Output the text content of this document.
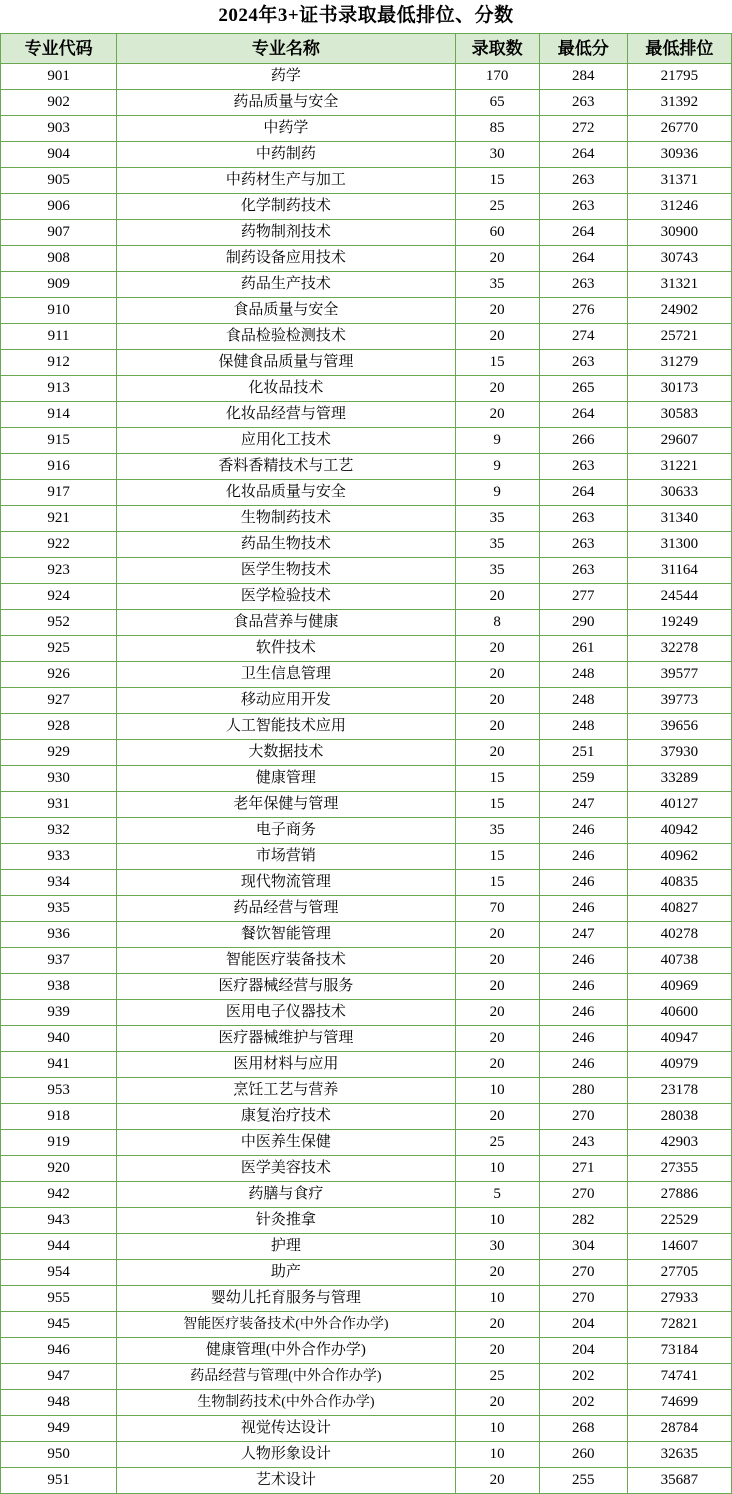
2024年3+证书录取最低排位、分数
专业代码	专业名称	录取数	最低分	最低排位
901	药学	170	284	21795
902	药品质量与安全	65	263	31392
903	中药学	85	272	26770
904	中药制药	30	264	30936
905	中药材生产与加工	15	263	31371
906	化学制药技术	25	263	31246
907	药物制剂技术	60	264	30900
908	制药设备应用技术	20	264	30743
909	药品生产技术	35	263	31321
910	食品质量与安全	20	276	24902
911	食品检验检测技术	20	274	25721
912	保健食品质量与管理	15	263	31279
913	化妆品技术	20	265	30173
914	化妆品经营与管理	20	264	30583
915	应用化工技术	9	266	29607
916	香料香精技术与工艺	9	263	31221
917	化妆品质量与安全	9	264	30633
921	生物制药技术	35	263	31340
922	药品生物技术	35	263	31300
923	医学生物技术	35	263	31164
924	医学检验技术	20	277	24544
952	食品营养与健康	8	290	19249
925	软件技术	20	261	32278
926	卫生信息管理	20	248	39577
927	移动应用开发	20	248	39773
928	人工智能技术应用	20	248	39656
929	大数据技术	20	251	37930
930	健康管理	15	259	33289
931	老年保健与管理	15	247	40127
932	电子商务	35	246	40942
933	市场营销	15	246	40962
934	现代物流管理	15	246	40835
935	药品经营与管理	70	246	40827
936	餐饮智能管理	20	247	40278
937	智能医疗装备技术	20	246	40738
938	医疗器械经营与服务	20	246	40969
939	医用电子仪器技术	20	246	40600
940	医疗器械维护与管理	20	246	40947
941	医用材料与应用	20	246	40979
953	烹饪工艺与营养	10	280	23178
918	康复治疗技术	20	270	28038
919	中医养生保健	25	243	42903
920	医学美容技术	10	271	27355
942	药膳与食疗	5	270	27886
943	针灸推拿	10	282	22529
944	护理	30	304	14607
954	助产	20	270	27705
955	婴幼儿托育服务与管理	10	270	27933
945	智能医疗装备技术(中外合作办学)	20	204	72821
946	健康管理(中外合作办学)	20	204	73184
947	药品经营与管理(中外合作办学)	25	202	74741
948	生物制药技术(中外合作办学)	20	202	74699
949	视觉传达设计	10	268	28784
950	人物形象设计	10	260	32635
951	艺术设计	20	255	35687
